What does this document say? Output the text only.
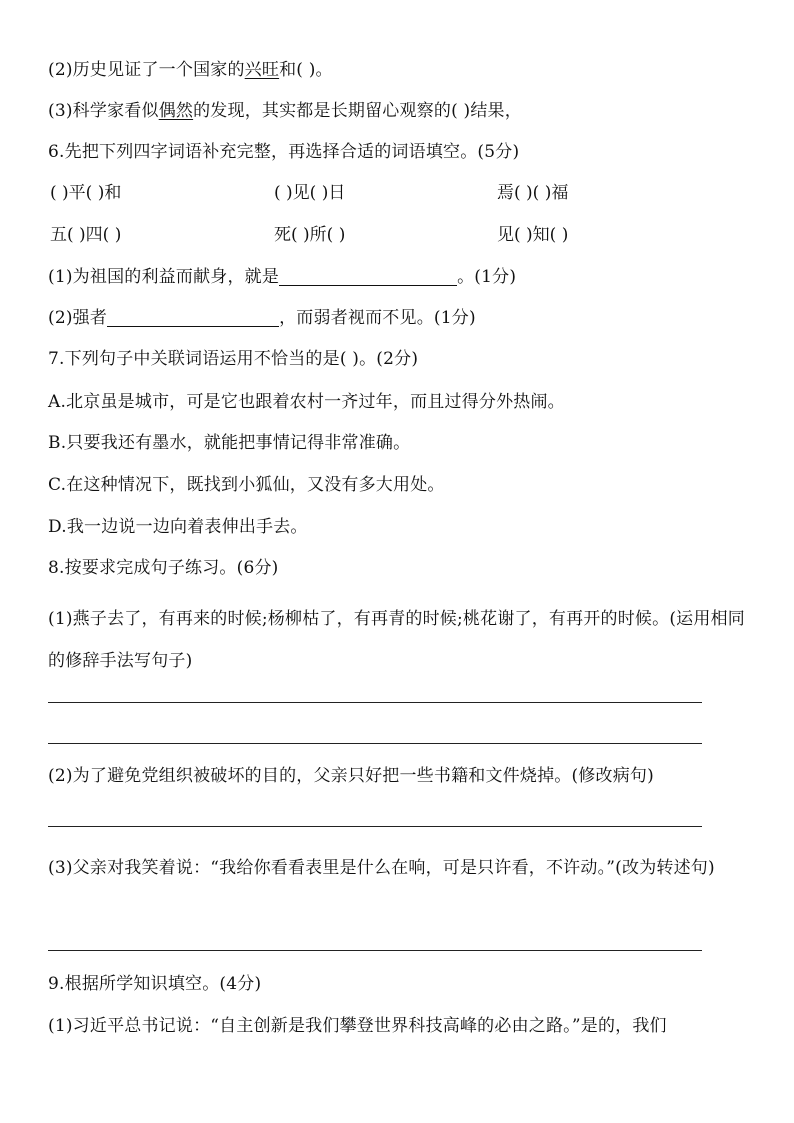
(2)历史见证了一个国家的兴旺和( )。
(3)科学家看似偶然的发现，其实都是长期留心观察的( )结果，
6.先把下列四字词语补充完整，再选择合适的词语填空。(5分)
( )平( )和	( )见( )日	焉( )( )福
五( )四( )	死( )所( )	见( )知( )
(1)为祖国的利益而献身，就是	。(1分)
(2)强者	，而弱者视而不见。(1分)
7.下列句子中关联词语运用不恰当的是( )。(2分)
A.北京虽是城市，可是它也跟着农村一齐过年，而且过得分外热闹。
B.只要我还有墨水，就能把事情记得非常准确。
C.在这种情况下，既找到小狐仙，又没有多大用处。
D.我一边说一边向着表伸出手去。
8.按要求完成句子练习。(6分)
(1)燕子去了，有再来的时候;杨柳枯了，有再青的时候;桃花谢了，有再开的时候。(运用相同的修辞手法写句子)
(2)为了避免党组织被破坏的目的，父亲只好把一些书籍和文件烧掉。(修改病句)
(3)父亲对我笑着说：“我给你看看表里是什么在响，可是只许看，不许动。”(改为转述句)
9.根据所学知识填空。(4分)
(1)习近平总书记说：“自主创新是我们攀登世界科技高峰的必由之路。”是的，我们
